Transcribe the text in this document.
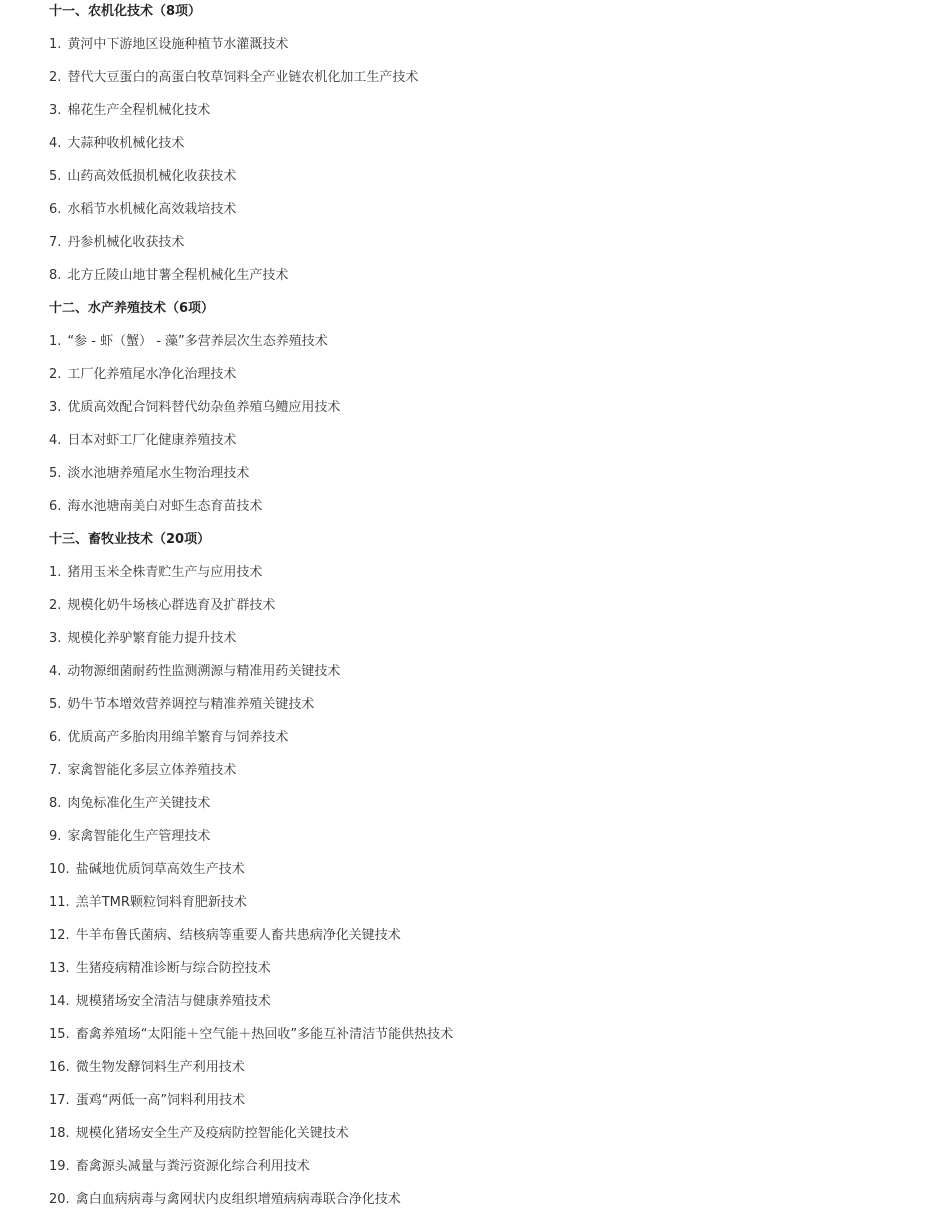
十一、农机化技术（8项）
1. 黄河中下游地区设施种植节水灌溉技术
2. 替代大豆蛋白的高蛋白牧草饲料全产业链农机化加工生产技术
3. 棉花生产全程机械化技术
4. 大蒜种收机械化技术
5. 山药高效低损机械化收获技术
6. 水稻节水机械化高效栽培技术
7. 丹参机械化收获技术
8. 北方丘陵山地甘薯全程机械化生产技术
十二、水产养殖技术（6项）
1. “参 - 虾（蟹） - 藻”多营养层次生态养殖技术
2. 工厂化养殖尾水净化治理技术
3. 优质高效配合饲料替代幼杂鱼养殖乌鳢应用技术
4. 日本对虾工厂化健康养殖技术
5. 淡水池塘养殖尾水生物治理技术
6. 海水池塘南美白对虾生态育苗技术
十三、畜牧业技术（20项）
1. 猪用玉米全株青贮生产与应用技术
2. 规模化奶牛场核心群选育及扩群技术
3. 规模化养驴繁育能力提升技术
4. 动物源细菌耐药性监测溯源与精准用药关键技术
5. 奶牛节本增效营养调控与精准养殖关键技术
6. 优质高产多胎肉用绵羊繁育与饲养技术
7. 家禽智能化多层立体养殖技术
8. 肉兔标准化生产关键技术
9. 家禽智能化生产管理技术
10. 盐碱地优质饲草高效生产技术
11. 羔羊TMR颗粒饲料育肥新技术
12. 牛羊布鲁氏菌病、结核病等重要人畜共患病净化关键技术
13. 生猪疫病精准诊断与综合防控技术
14. 规模猪场安全清洁与健康养殖技术
15. 畜禽养殖场“太阳能＋空气能＋热回收”多能互补清洁节能供热技术
16. 微生物发酵饲料生产利用技术
17. 蛋鸡“两低一高”饲料利用技术
18. 规模化猪场安全生产及疫病防控智能化关键技术
19. 畜禽源头减量与粪污资源化综合利用技术
20. 禽白血病病毒与禽网状内皮组织增殖病病毒联合净化技术
